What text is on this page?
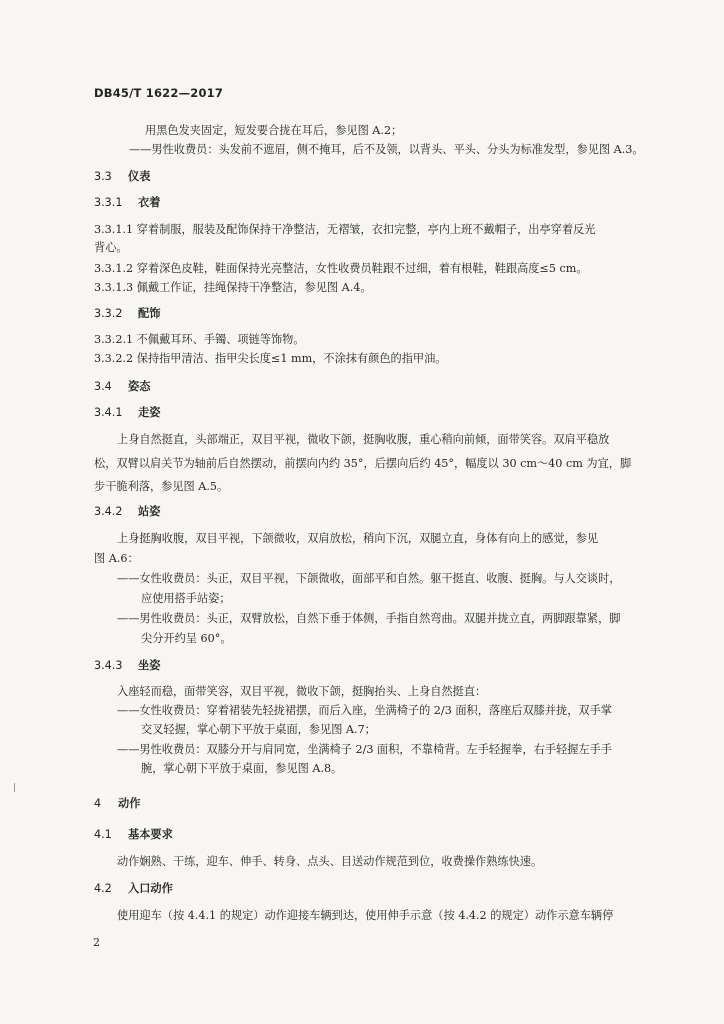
DB45/T 1622—2017
用黑色发夹固定，短发要合拢在耳后，参见图 A.2；
——男性收费员：头发前不遮眉，侧不掩耳，后不及领，以背头、平头、分头为标准发型，参见图 A.3。
3.3 仪表
3.3.1 衣着
3.3.1.1 穿着制服，服装及配饰保持干净整洁，无褶皱，衣扣完整，亭内上班不戴帽子，出亭穿着反光
背心。
3.3.1.2 穿着深色皮鞋，鞋面保持光亮整洁，女性收费员鞋跟不过细，着有根鞋，鞋跟高度≤5 cm。
3.3.1.3 佩戴工作证，挂绳保持干净整洁，参见图 A.4。
3.3.2 配饰
3.3.2.1 不佩戴耳环、手镯、项链等饰物。
3.3.2.2 保持指甲清洁、指甲尖长度≤1 mm，不涂抹有颜色的指甲油。
3.4 姿态
3.4.1 走姿
上身自然挺直，头部端正，双目平视，微收下颌，挺胸收腹，重心稍向前倾，面带笑容。双肩平稳放
松，双臂以肩关节为轴前后自然摆动，前摆向内约 35°，后摆向后约 45°，幅度以 30 cm～40 cm 为宜，脚
步干脆利落，参见图 A.5。
3.4.2 站姿
上身挺胸收腹，双目平视，下颌微收，双肩放松，稍向下沉，双腿立直，身体有向上的感觉，参见
图 A.6：
——女性收费员：头正，双目平视，下颌微收，面部平和自然。躯干挺直、收腹、挺胸。与人交谈时，
应使用搭手站姿；
——男性收费员：头正，双臂放松，自然下垂于体侧，手指自然弯曲。双腿并拢立直，两脚跟靠紧，脚
尖分开约呈 60°。
3.4.3 坐姿
入座轻而稳，面带笑容，双目平视，微收下颌，挺胸抬头、上身自然挺直：
——女性收费员：穿着裙装先轻拢裙摆，而后入座，坐满椅子的 2/3 面积，落座后双膝并拢，双手掌
交叉轻握，掌心朝下平放于桌面，参见图 A.7；
——男性收费员：双膝分开与肩同宽，坐满椅子 2/3 面积，不靠椅背。左手轻握拳，右手轻握左手手
腕，掌心朝下平放于桌面，参见图 A.8。
4 动作
4.1 基本要求
动作娴熟、干练，迎车、伸手、转身、点头、目送动作规范到位，收费操作熟练快速。
4.2 入口动作
使用迎车（按 4.4.1 的规定）动作迎接车辆到达，使用伸手示意（按 4.4.2 的规定）动作示意车辆停
2
